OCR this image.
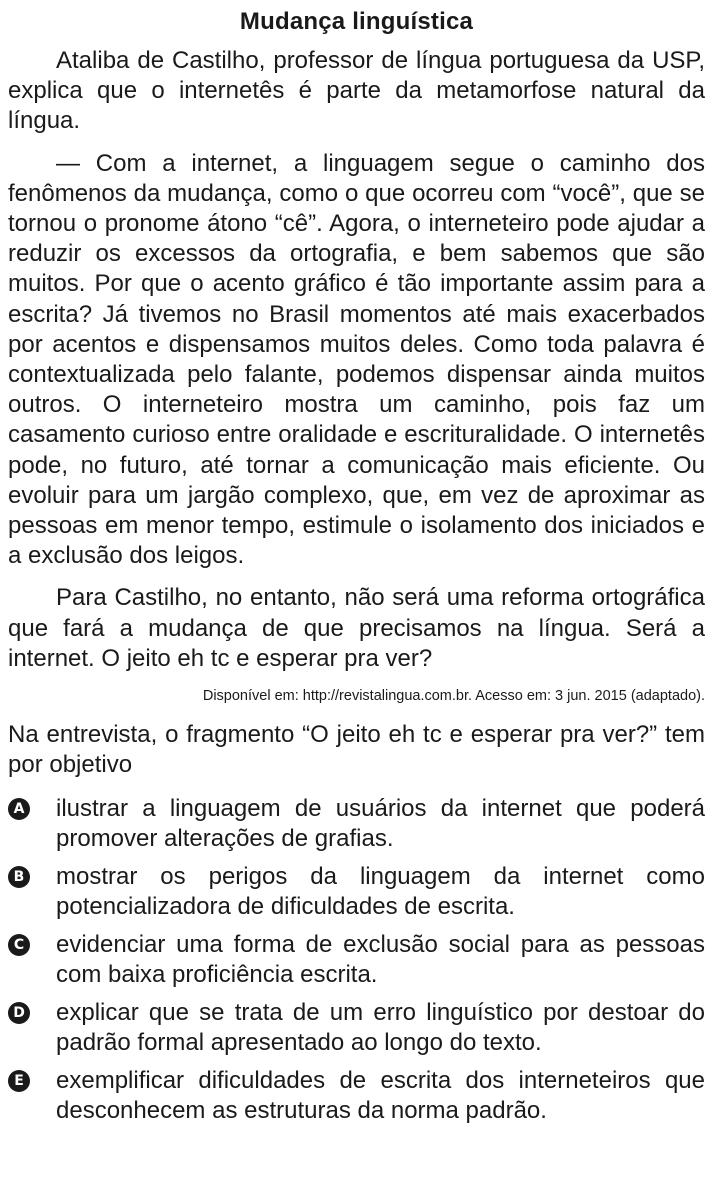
Mudança linguística

Ataliba de Castilho, professor de língua portuguesa da USP, explica que o internetês é parte da metamorfose natural da língua.

— Com a internet, a linguagem segue o caminho dos fenômenos da mudança, como o que ocorreu com “você”, que se tornou o pronome átono “cê”. Agora, o interneteiro pode ajudar a reduzir os excessos da ortografia, e bem sabemos que são muitos. Por que o acento gráfico é tão importante assim para a escrita? Já tivemos no Brasil momentos até mais exacerbados por acentos e dispensamos muitos deles. Como toda palavra é contextualizada pelo falante, podemos dispensar ainda muitos outros. O interneteiro mostra um caminho, pois faz um casamento curioso entre oralidade e escrituralidade. O internetês pode, no futuro, até tornar a comunicação mais eficiente. Ou evoluir para um jargão complexo, que, em vez de aproximar as pessoas em menor tempo, estimule o isolamento dos iniciados e a exclusão dos leigos.

Para Castilho, no entanto, não será uma reforma ortográfica que fará a mudança de que precisamos na língua. Será a internet. O jeito eh tc e esperar pra ver?

Disponível em: http://revistalingua.com.br. Acesso em: 3 jun. 2015 (adaptado).

Na entrevista, o fragmento “O jeito eh tc e esperar pra ver?” tem por objetivo

A ilustrar a linguagem de usuários da internet que poderá promover alterações de grafias.
B mostrar os perigos da linguagem da internet como potencializadora de dificuldades de escrita.
C evidenciar uma forma de exclusão social para as pessoas com baixa proficiência escrita.
D explicar que se trata de um erro linguístico por destoar do padrão formal apresentado ao longo do texto.
E exemplificar dificuldades de escrita dos interneteiros que desconhecem as estruturas da norma padrão.
